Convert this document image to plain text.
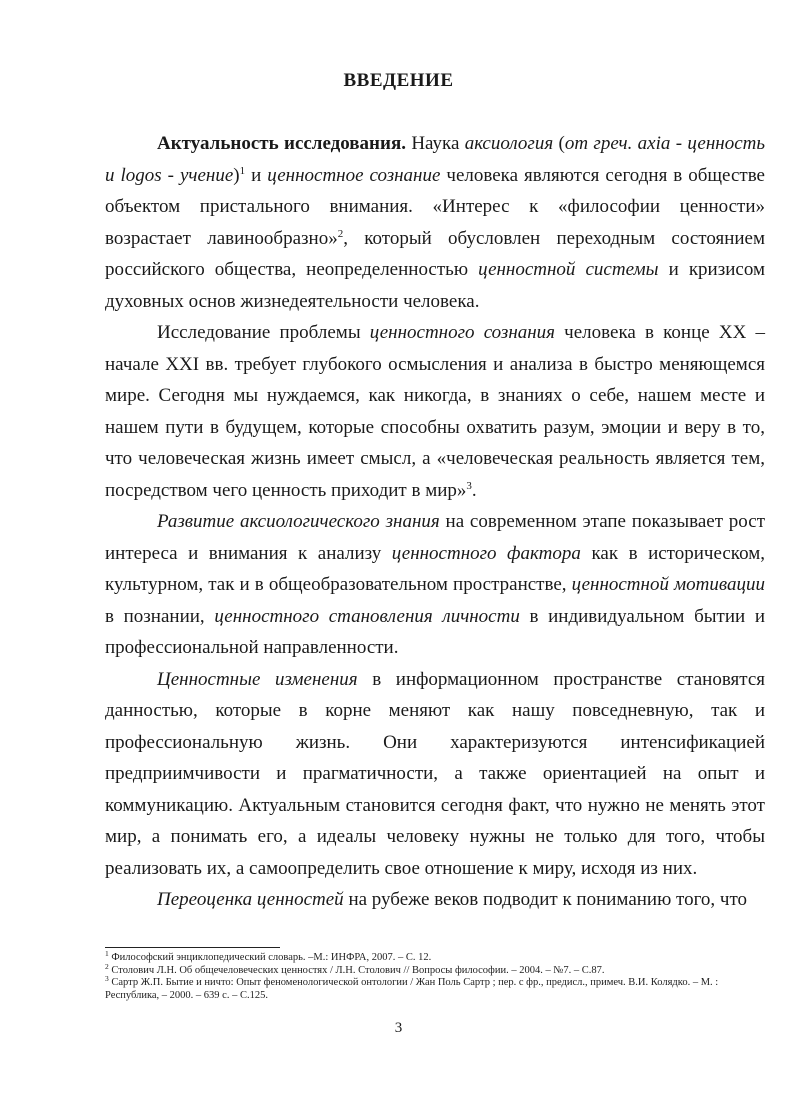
ВВЕДЕНИЕ

Актуальность исследования. Наука аксиология (от греч. axia - ценность и logos - учение)$^1$ и ценностное сознание человека являются сегодня в обществе объектом пристального внимания. «Интерес к «философии ценности» возрастает лавинообразно»$^2$, который обусловлен переходным состоянием российского общества, неопределенностью ценностной системы и кризисом духовных основ жизнедеятельности человека.

Исследование проблемы ценностного сознания человека в конце XX – начале XXI вв. требует глубокого осмысления и анализа в быстро меняющемся мире. Сегодня мы нуждаемся, как никогда, в знаниях о себе, нашем месте и нашем пути в будущем, которые способны охватить разум, эмоции и веру в то, что человеческая жизнь имеет смысл, а «человеческая реальность является тем, посредством чего ценность приходит в мир»$^3$.

Развитие аксиологического знания на современном этапе показывает рост интереса и внимания к анализу ценностного фактора как в историческом, культурном, так и в общеобразовательном пространстве, ценностной мотивации в познании, ценностного становления личности в индивидуальном бытии и профессиональной направленности.

Ценностные изменения в информационном пространстве становятся данностью, которые в корне меняют как нашу повседневную, так и профессиональную жизнь. Они характеризуются интенсификацией предприимчивости и прагматичности, а также ориентацией на опыт и коммуникацию. Актуальным становится сегодня факт, что нужно не менять этот мир, а понимать его, а идеалы человеку нужны не только для того, чтобы реализовать их, а самоопределить свое отношение к миру, исходя из них.

Переоценка ценностей на рубеже веков подводит к пониманию того, что

$^1$ Философский энциклопедический словарь. –М.: ИНФРА, 2007. – С. 12.
$^2$ Столович Л.Н. Об общечеловеческих ценностях / Л.Н. Столович // Вопросы философии. – 2004. – №7. – С.87.
$^3$ Сартр Ж.П. Бытие и ничто: Опыт феноменологической онтологии / Жан Поль Сартр ; пер. с фр., предисл., примеч. В.И. Колядко. – М. : Республика, – 2000. – 639 с. – С.125.
3
